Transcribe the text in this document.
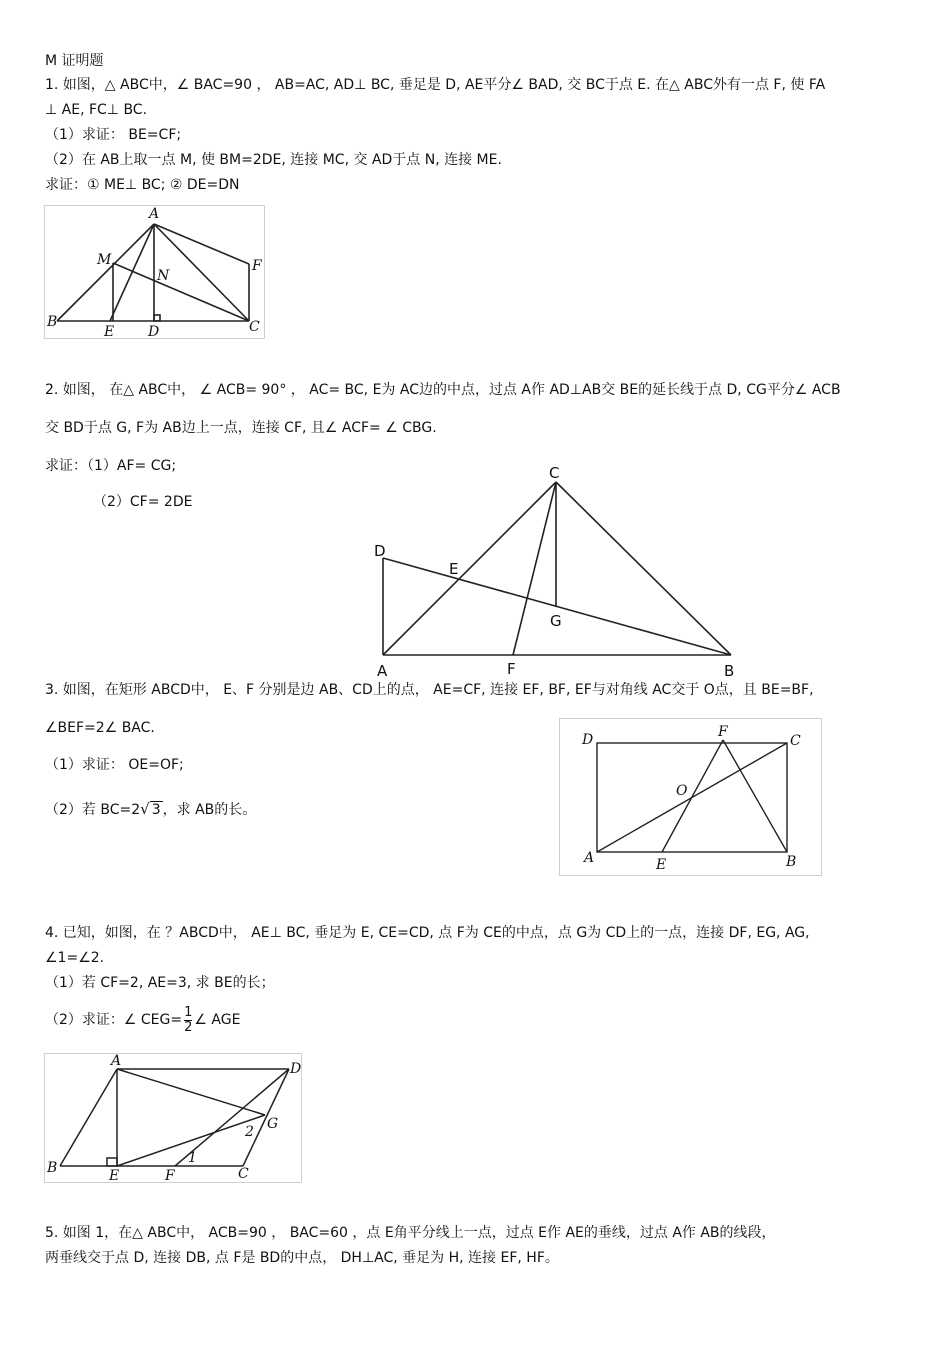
M 证明题
1. 如图，△ ABC中，∠ BAC=90 ， AB=AC, AD⊥ BC, 垂足是 D, AE平分∠ BAD, 交 BC于点 E. 在△ ABC外有一点 F, 使 FA
⊥ AE, FC⊥ BC.
（1）求证： BE=CF;
（2）在 AB上取一点 M, 使 BM=2DE, 连接 MC, 交 AD于点 N, 连接 ME.
求证：① ME⊥ BC; ② DE=DN
A
M
N
F
B
E D	C
2. 如图， 在△ ABC中， ∠ ACB= 90° ， AC= BC, E为 AC边的中点，过点 A作 AD⊥AB交 BE的延长线于点 D, CG平分∠ ACB
交 BD于点 G, F为 AB边上一点，连接 CF, 且∠ ACF= ∠ CBG.
求证：（1）AF= CG;
（2）CF= 2DE
C
D
E
G
A	F	B
3. 如图，在矩形 ABCD中， E、F 分别是边 AB、CD上的点， AE=CF, 连接 EF, BF, EF与对角线 AC交于 O点，且 BE=BF,
∠BEF=2∠ BAC.
（1）求证： OE=OF;
（2）若 BC=2√ 3 ，求 AB的长。
D	F
C
O
A	E	B
4. 已知，如图，在 ？ABCD中， AE⊥ BC, 垂足为 E, CE=CD, 点 F为 CE的中点，点 G为 CD上的一点，连接 DF, EG, AG,
∠1=∠2.
（1）若 CF=2, AE=3, 求 BE的长；
（2）求证：∠ $CEG= \frac{1}{2}$ ∠ AGE
A	D
G
2
1
B	E	F	C
5. 如图 1，在△ ABC中， ACB=90 ， BAC=60 ，点 E角平分线上一点，过点 E作 AE的垂线，过点 A作 AB的线段，
两垂线交于点 D, 连接 DB, 点 F是 BD的中点， DH⊥AC, 垂足为 H, 连接 EF, HF。
